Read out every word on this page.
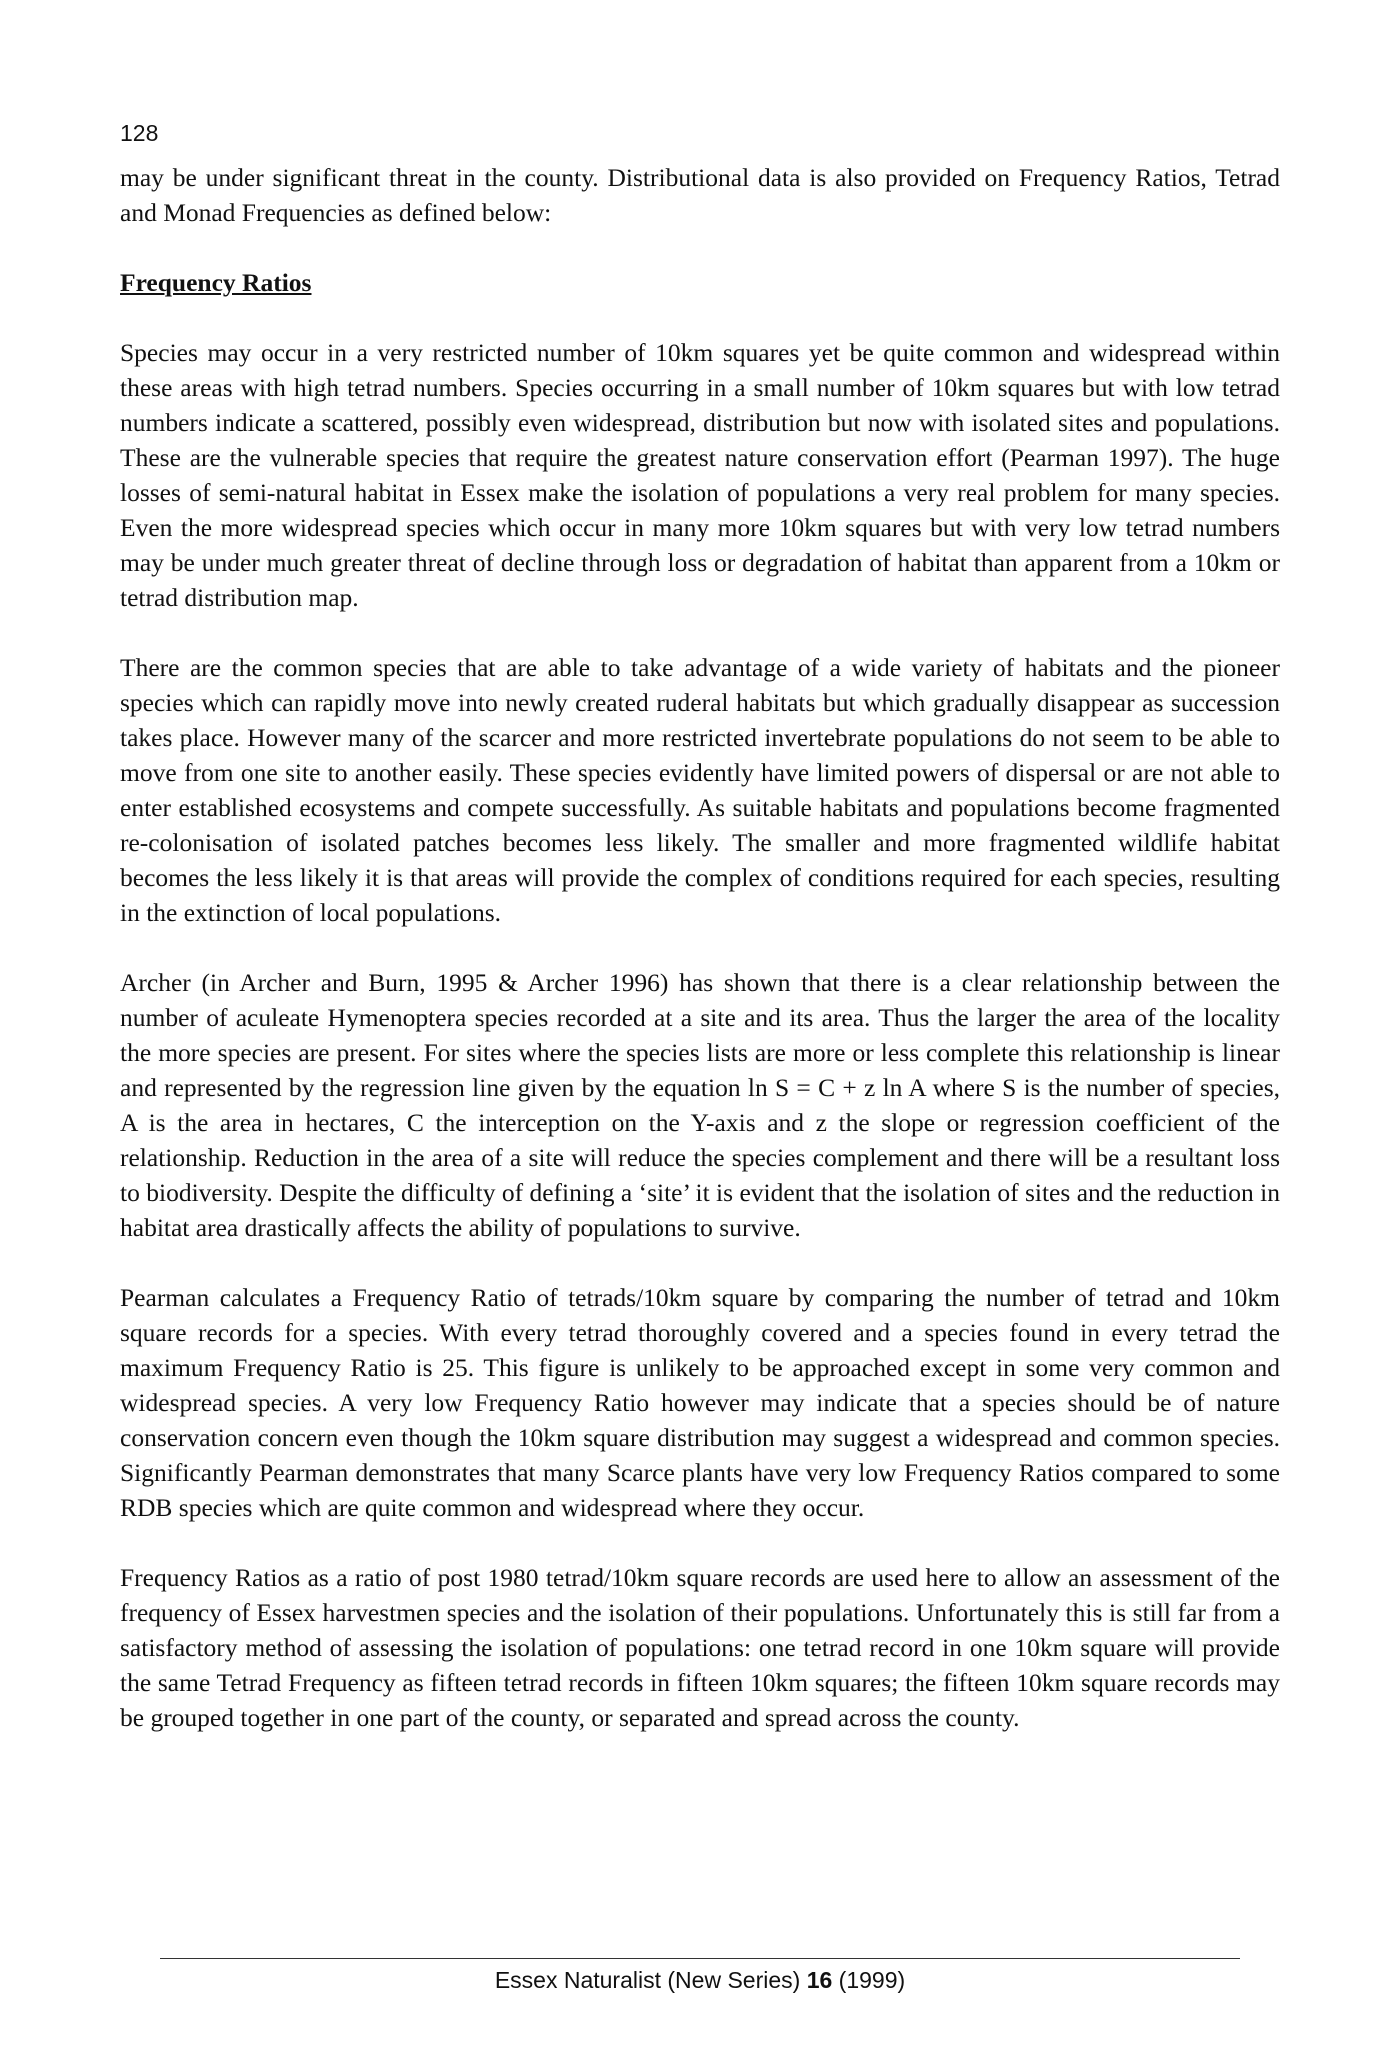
128

may be under significant threat in the county. Distributional data is also provided on Frequency Ratios, Tetrad and Monad Frequencies as defined below:

Frequency Ratios

Species may occur in a very restricted number of 10km squares yet be quite common and widespread within these areas with high tetrad numbers. Species occurring in a small number of 10km squares but with low tetrad numbers indicate a scattered, possibly even widespread, distribution but now with isolated sites and populations. These are the vulnerable species that require the greatest nature conservation effort (Pearman 1997). The huge losses of semi-natural habitat in Essex make the isolation of populations a very real problem for many species. Even the more widespread species which occur in many more 10km squares but with very low tetrad numbers may be under much greater threat of decline through loss or degradation of habitat than apparent from a 10km or tetrad distribution map.

There are the common species that are able to take advantage of a wide variety of habitats and the pioneer species which can rapidly move into newly created ruderal habitats but which gradually disappear as succession takes place. However many of the scarcer and more restricted invertebrate populations do not seem to be able to move from one site to another easily. These species evidently have limited powers of dispersal or are not able to enter established ecosystems and compete successfully. As suitable habitats and populations become fragmented re-colonisation of isolated patches becomes less likely. The smaller and more fragmented wildlife habitat becomes the less likely it is that areas will provide the complex of conditions required for each species, resulting in the extinction of local populations.

Archer (in Archer and Burn, 1995 & Archer 1996) has shown that there is a clear relationship between the number of aculeate Hymenoptera species recorded at a site and its area. Thus the larger the area of the locality the more species are present. For sites where the species lists are more or less complete this relationship is linear and represented by the regression line given by the equation ln S = C + z ln A where S is the number of species, A is the area in hectares, C the interception on the Y-axis and z the slope or regression coefficient of the relationship. Reduction in the area of a site will reduce the species complement and there will be a resultant loss to biodiversity. Despite the difficulty of defining a ‘site’ it is evident that the isolation of sites and the reduction in habitat area drastically affects the ability of populations to survive.

Pearman calculates a Frequency Ratio of tetrads/10km square by comparing the number of tetrad and 10km square records for a species. With every tetrad thoroughly covered and a species found in every tetrad the maximum Frequency Ratio is 25. This figure is unlikely to be approached except in some very common and widespread species. A very low Frequency Ratio however may indicate that a species should be of nature conservation concern even though the 10km square distribution may suggest a widespread and common species. Significantly Pearman demonstrates that many Scarce plants have very low Frequency Ratios compared to some RDB species which are quite common and widespread where they occur.

Frequency Ratios as a ratio of post 1980 tetrad/10km square records are used here to allow an assessment of the frequency of Essex harvestmen species and the isolation of their populations. Unfortunately this is still far from a satisfactory method of assessing the isolation of populations: one tetrad record in one 10km square will provide the same Tetrad Frequency as fifteen tetrad records in fifteen 10km squares; the fifteen 10km square records may be grouped together in one part of the county, or separated and spread across the county.

Essex Naturalist (New Series) 16 (1999)
